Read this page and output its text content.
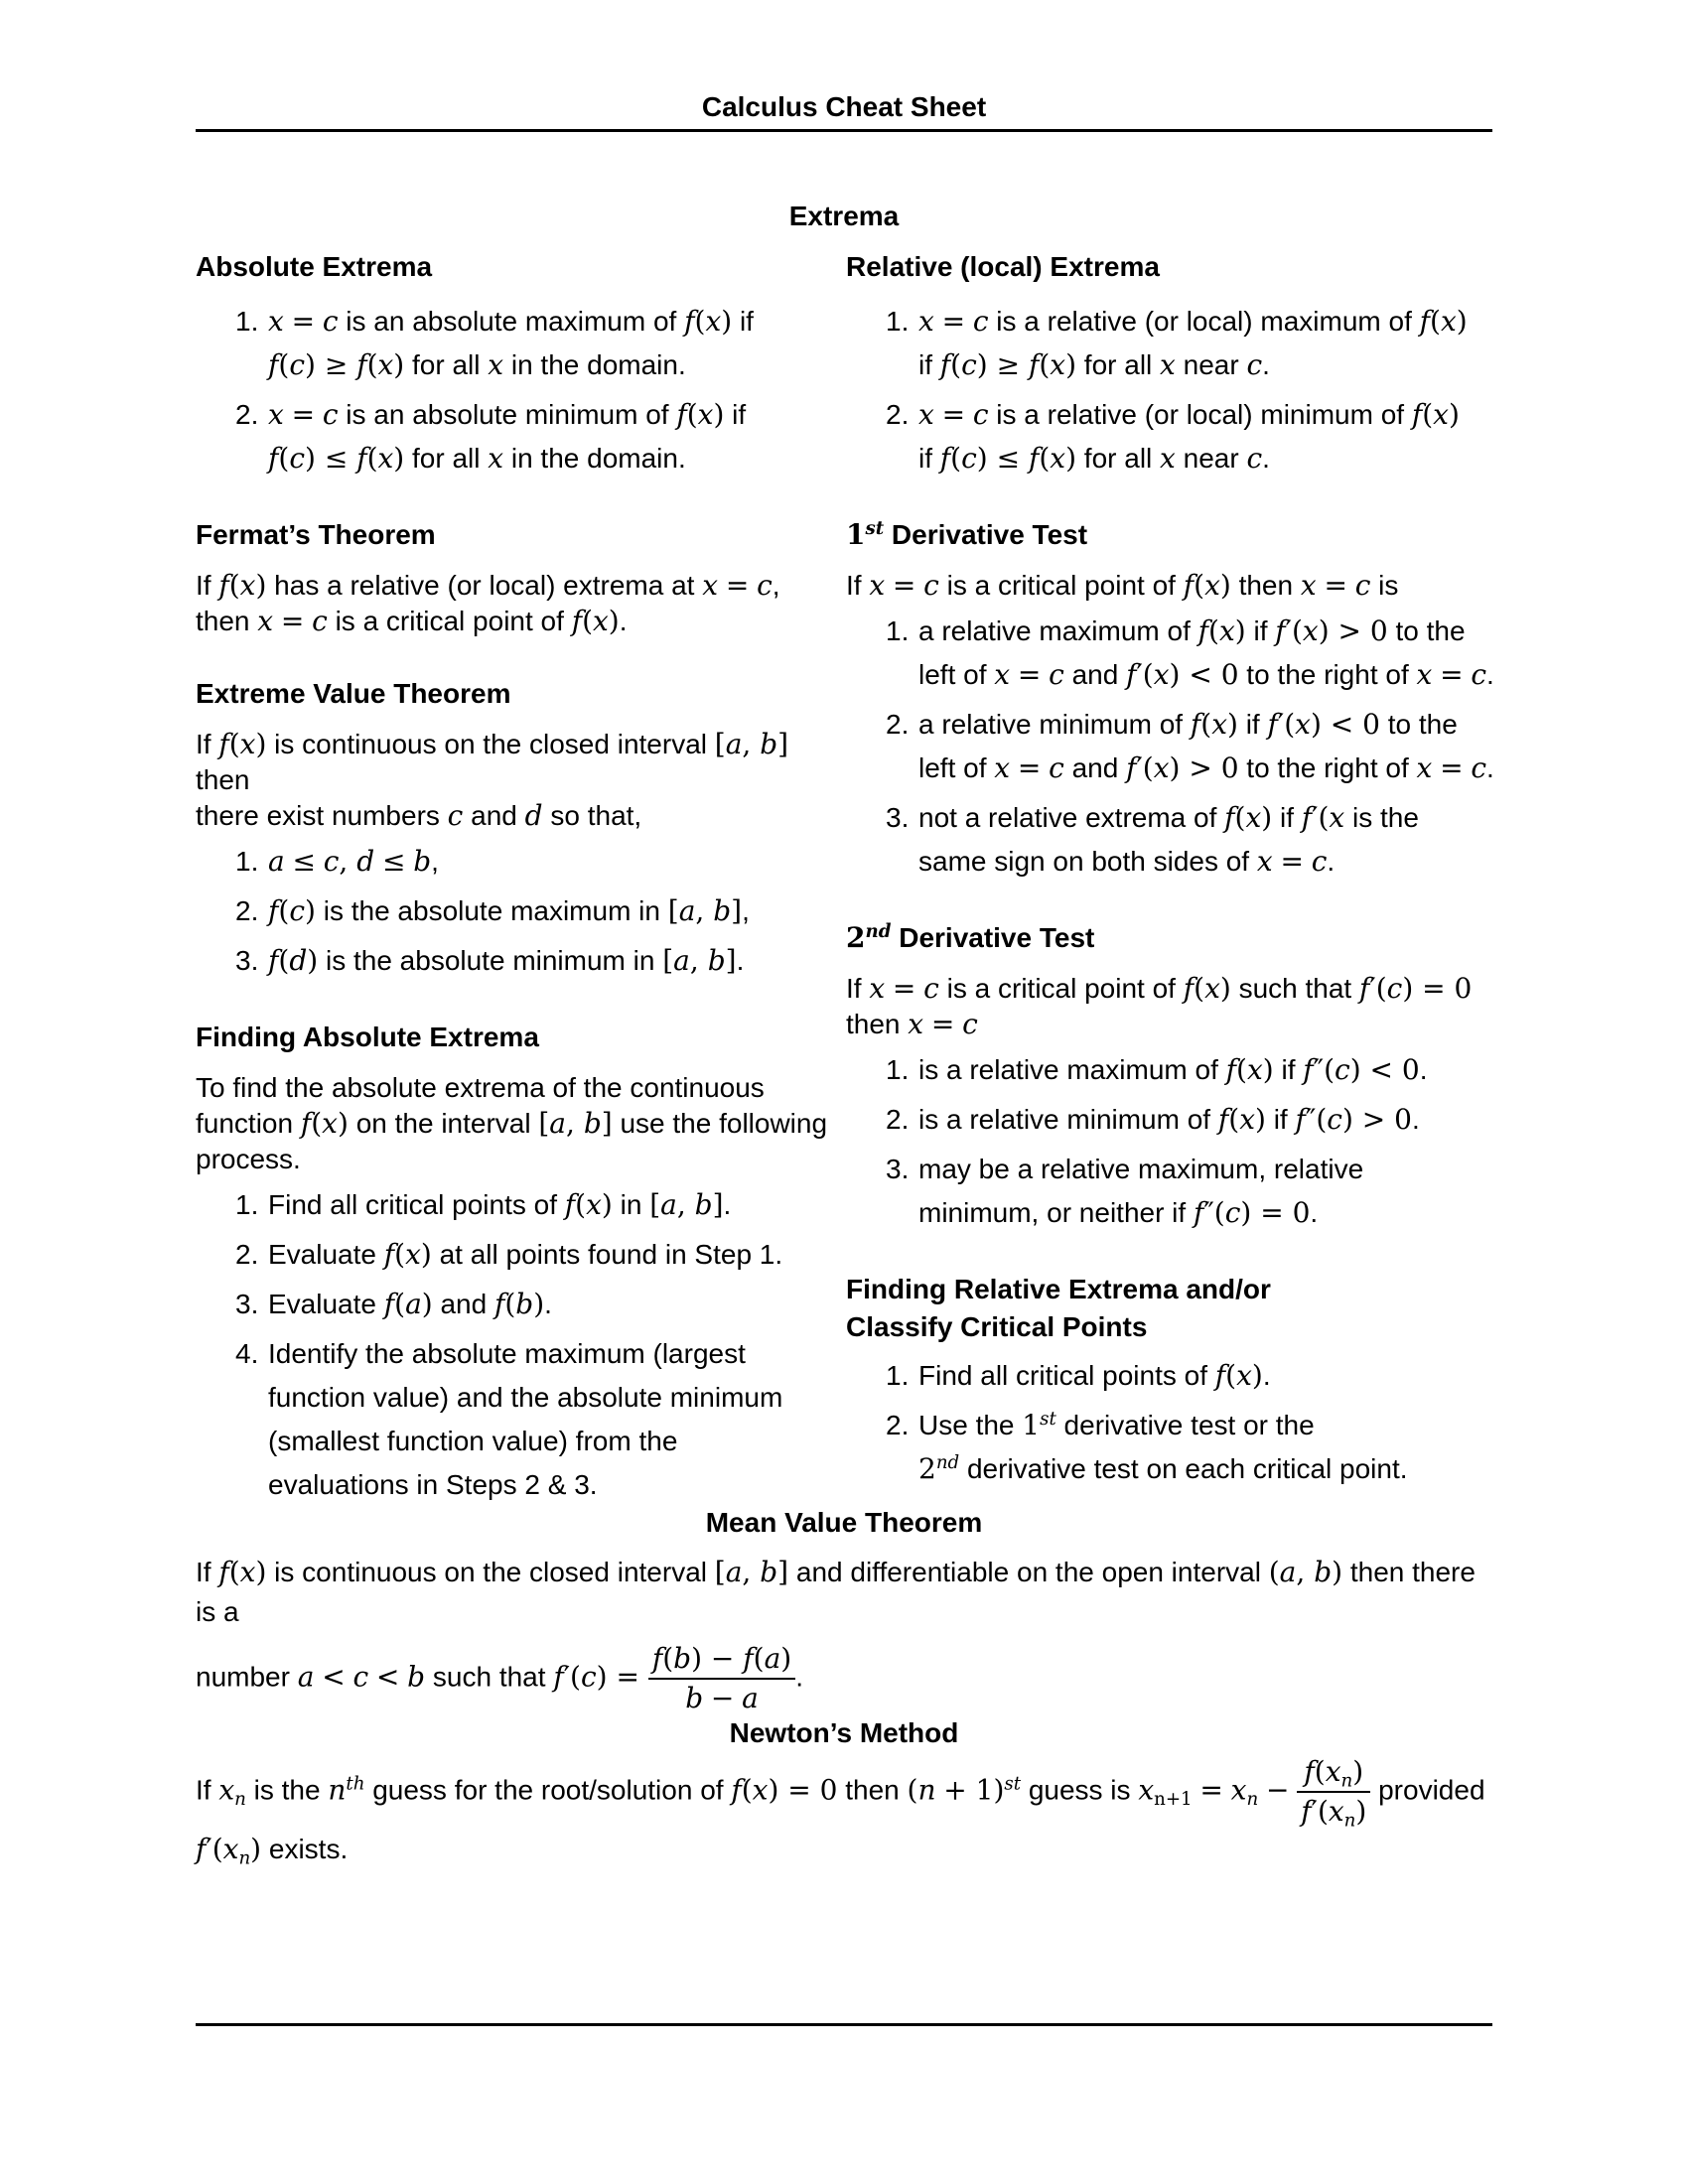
Calculus Cheat Sheet
Extrema
Absolute Extrema
1. x = c is an absolute maximum of f(x) if
f(c) ≥ f(x) for all x in the domain.
2. x = c is an absolute minimum of f(x) if
f(c) ≤ f(x) for all x in the domain.
Fermat’s Theorem

If f(x) has a relative (or local) extrema at x = c,
then x = c is a critical point of f(x).

Extreme Value Theorem

If f(x) is continuous on the closed interval [a, b] then
there exist numbers c and d so that,

1. a ≤ c, d ≤ b,
2. f(c) is the absolute maximum in [a, b],
3. f(d) is the absolute minimum in [a, b].
Finding Absolute Extrema

To find the absolute extrema of the continuous
function f(x) on the interval [a, b] use the following
process.

1. Find all critical points of f(x) in [a, b].
2. Evaluate f(x) at all points found in Step 1.
3. Evaluate f(a) and f(b).
4. Identify the absolute maximum (largest
function value) and the absolute minimum
(smallest function value) from the
evaluations in Steps 2 & 3.
Relative (local) Extrema
1. x = c is a relative (or local) maximum of f(x)
if f(c) ≥ f(x) for all x near c.
2. x = c is a relative (or local) minimum of f(x)
if f(c) ≤ f(x) for all x near c.
1st Derivative Test

If x = c is a critical point of f(x) then x = c is

1. a relative maximum of f(x) if f′(x) > 0 to the
left of x = c and f′(x) < 0 to the right of x = c.
2. a relative minimum of f(x) if f′(x) < 0 to the
left of x = c and f′(x) > 0 to the right of x = c.
3. not a relative extrema of f(x) if f′(x is the
same sign on both sides of x = c.
2nd Derivative Test

If x = c is a critical point of f(x) such that f′(c) = 0
then x = c

1. is a relative maximum of f(x) if f″(c) < 0.
2. is a relative minimum of f(x) if f″(c) > 0.
3. may be a relative maximum, relative
minimum, or neither if f″(c) = 0.
Finding Relative Extrema and/or
Classify Critical Points
1. Find all critical points of f(x).
2. Use the 1st derivative test or the
2nd derivative test on each critical point.
Mean Value Theorem
If f(x) is continuous on the closed interval [a, b] and differentiable on the open interval (a, b) then there is a
number a < c < b such that $f'(c) = \frac{f(b) - f(a)}{b - a}$ .
Newton’s Method
If $x_n$ is the $n^{th}$ guess for the root/solution of f(x) = 0 then $(n + 1)^{st}$ guess is $x_{n+1} = x_n - \frac{f(x_n)}{f'(x_n)}$ provided
$f'(x_n)$ exists.
